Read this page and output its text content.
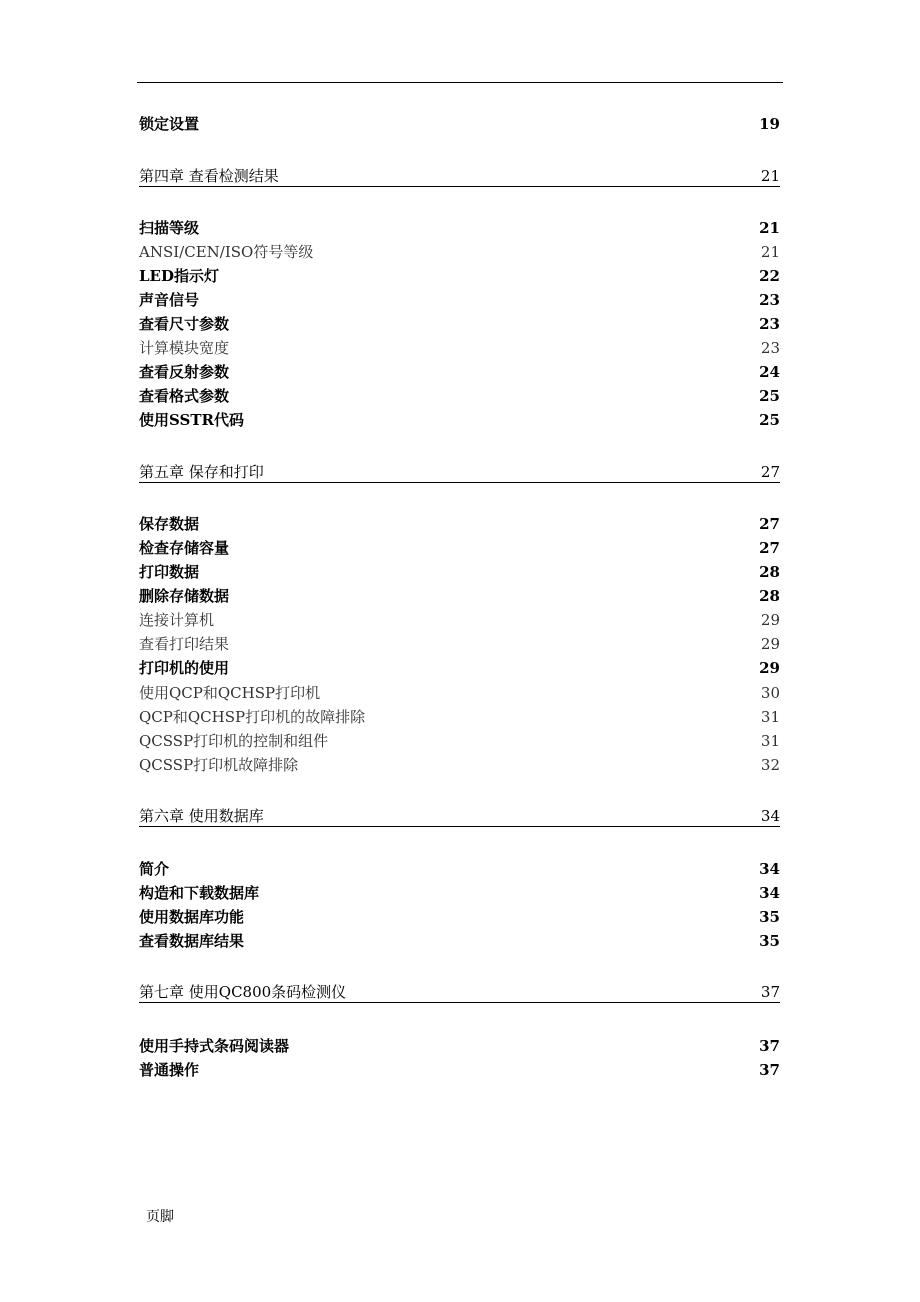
锁定设置	19
第四章 查看检测结果	21
扫描等级	21
ANSI/CEN/ISO符号等级	21
LED指示灯	22
声音信号	23
查看尺寸参数	23
计算模块宽度	23
查看反射参数	24
查看格式参数	25
使用SSTR代码	25
第五章 保存和打印	27
保存数据	27
检查存储容量	27
打印数据	28
删除存储数据	28
连接计算机	29
查看打印结果	29
打印机的使用	29
使用QCP和QCHSP打印机	30
QCP和QCHSP打印机的故障排除	31
QCSSP打印机的控制和组件	31
QCSSP打印机故障排除	32
第六章 使用数据库	34
简介	34
构造和下载数据库	34
使用数据库功能	35
查看数据库结果	35
第七章 使用QC800条码检测仪	37
使用手持式条码阅读器	37
普通操作	37
页脚
